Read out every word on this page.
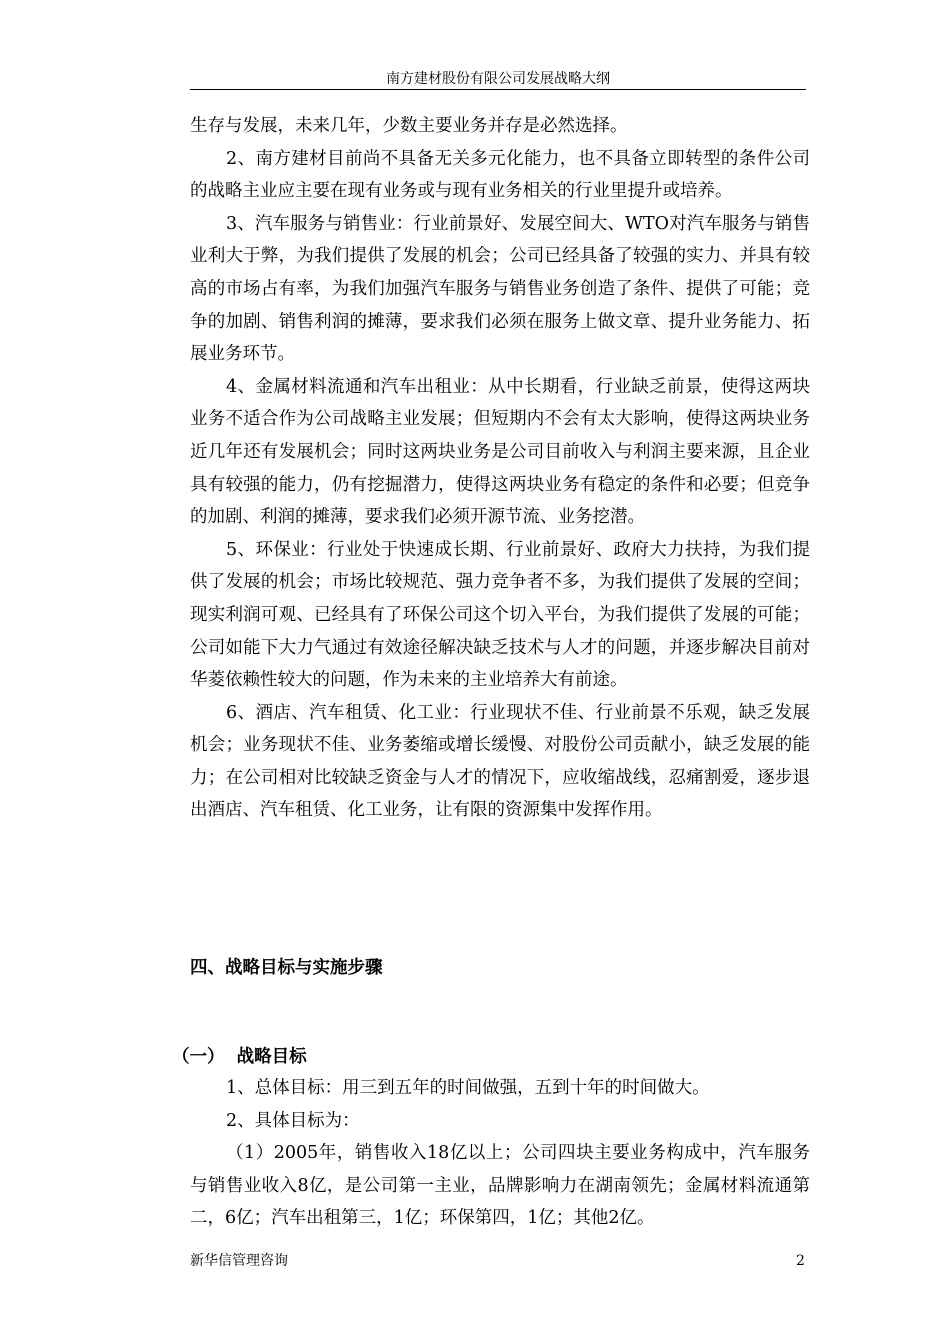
南方建材股份有限公司发展战略大纲

生存与发展，未来几年，少数主要业务并存是必然选择。

2、南方建材目前尚不具备无关多元化能力，也不具备立即转型的条件公司的战略主业应主要在现有业务或与现有业务相关的行业里提升或培养。

3、汽车服务与销售业：行业前景好、发展空间大、WTO对汽车服务与销售业利大于弊，为我们提供了发展的机会；公司已经具备了较强的实力、并具有较高的市场占有率，为我们加强汽车服务与销售业务创造了条件、提供了可能；竞争的加剧、销售利润的摊薄，要求我们必须在服务上做文章、提升业务能力、拓展业务环节。

4、金属材料流通和汽车出租业：从中长期看，行业缺乏前景，使得这两块业务不适合作为公司战略主业发展；但短期内不会有太大影响，使得这两块业务近几年还有发展机会；同时这两块业务是公司目前收入与利润主要来源，且企业具有较强的能力，仍有挖掘潜力，使得这两块业务有稳定的条件和必要；但竞争的加剧、利润的摊薄，要求我们必须开源节流、业务挖潜。

5、环保业：行业处于快速成长期、行业前景好、政府大力扶持，为我们提供了发展的机会；市场比较规范、强力竞争者不多，为我们提供了发展的空间；现实利润可观、已经具有了环保公司这个切入平台，为我们提供了发展的可能；公司如能下大力气通过有效途径解决缺乏技术与人才的问题，并逐步解决目前对华菱依赖性较大的问题，作为未来的主业培养大有前途。

6、酒店、汽车租赁、化工业：行业现状不佳、行业前景不乐观，缺乏发展机会；业务现状不佳、业务萎缩或增长缓慢、对股份公司贡献小，缺乏发展的能力；在公司相对比较缺乏资金与人才的情况下，应收缩战线，忍痛割爱，逐步退出酒店、汽车租赁、化工业务，让有限的资源集中发挥作用。

四、战略目标与实施步骤
（一）  战略目标

1、总体目标：用三到五年的时间做强，五到十年的时间做大。

2、具体目标为：

（1）2005年，销售收入18亿以上；公司四块主要业务构成中，汽车服务与销售业收入8亿，是公司第一主业，品牌影响力在湖南领先；金属材料流通第二，6亿；汽车出租第三，1亿；环保第四，1亿；其他2亿。

新华信管理咨询	2
